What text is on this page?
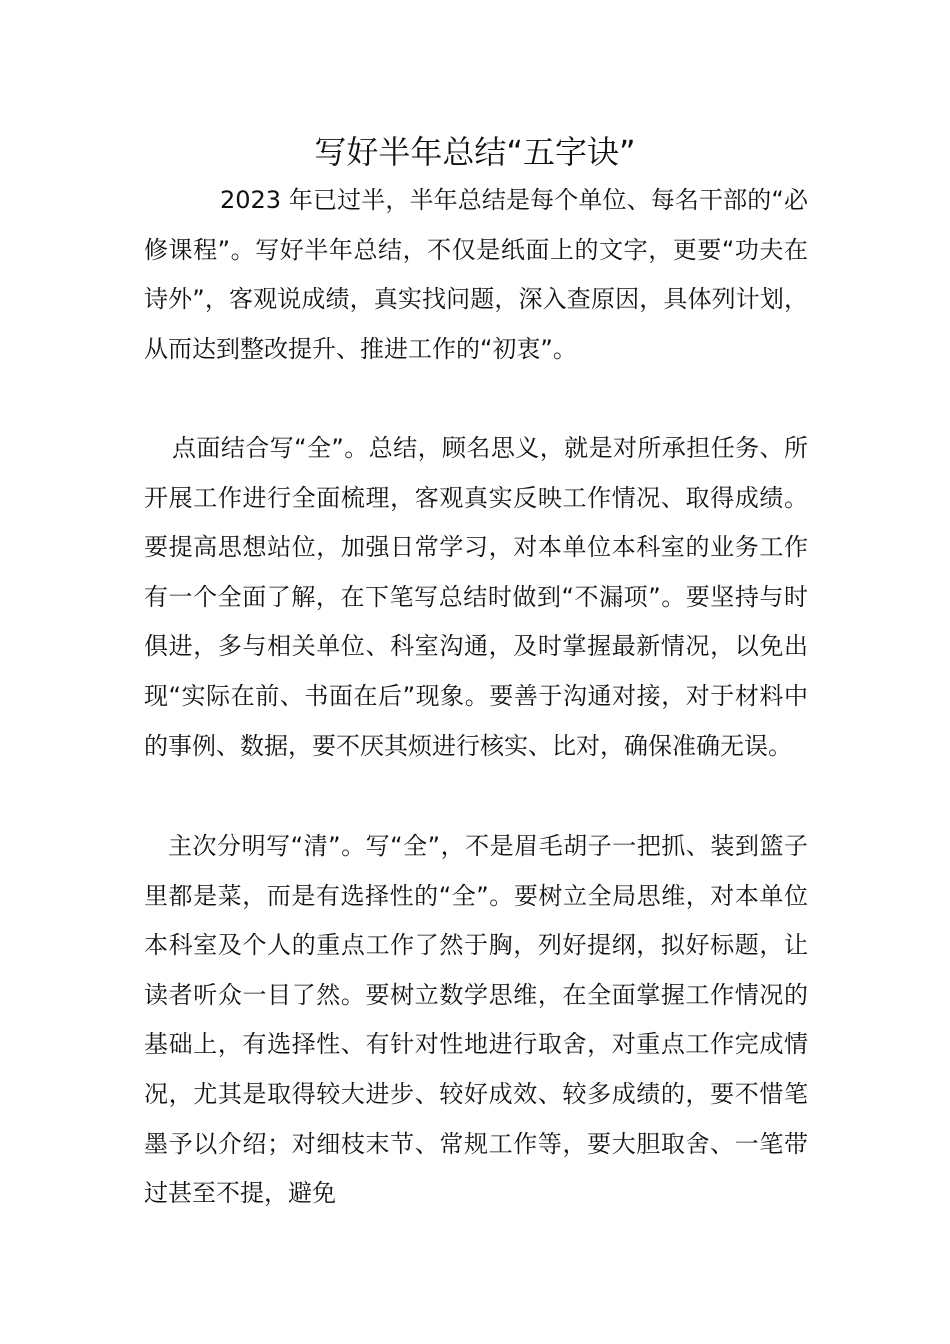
写好半年总结“五字诀”

2023 年已过半，半年总结是每个单位、每名干部的“必修课程”。写好半年总结，不仅是纸面上的文字，更要“功夫在诗外”，客观说成绩，真实找问题，深入查原因，具体列计划，从而达到整改提升、推进工作的“初衷”。

点面结合写“全”。总结，顾名思义，就是对所承担任务、所开展工作进行全面梳理，客观真实反映工作情况、取得成绩。要提高思想站位，加强日常学习，对本单位本科室的业务工作有一个全面了解，在下笔写总结时做到“不漏项”。要坚持与时俱进，多与相关单位、科室沟通，及时掌握最新情况，以免出现“实际在前、书面在后”现象。要善于沟通对接，对于材料中的事例、数据，要不厌其烦进行核实、比对，确保准确无误。

主次分明写“清”。写“全”，不是眉毛胡子一把抓、装到篮子里都是菜，而是有选择性的“全”。要树立全局思维，对本单位本科室及个人的重点工作了然于胸，列好提纲，拟好标题，让读者听众一目了然。要树立数学思维，在全面掌握工作情况的基础上，有选择性、有针对性地进行取舍，对重点工作完成情况，尤其是取得较大进步、较好成效、较多成绩的，要不惜笔墨予以介绍；对细枝末节、常规工作等，要大胆取舍、一笔带过甚至不提，避免
